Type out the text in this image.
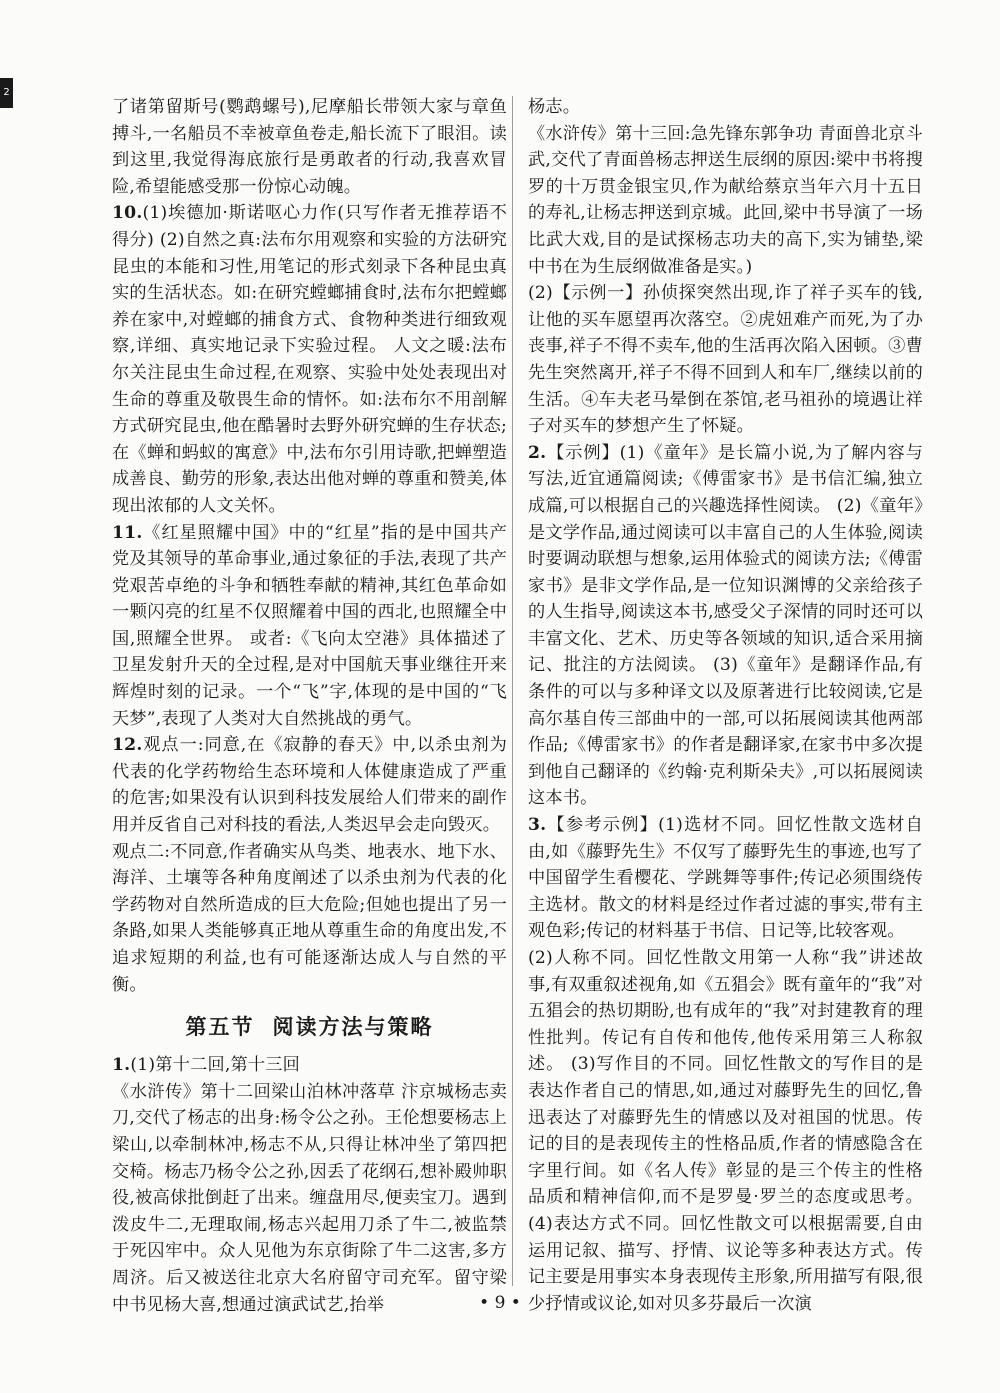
2

了诸第留斯号(鹦鹉螺号),尼摩船长带领大家与章鱼搏斗,一名船员不幸被章鱼卷走,船长流下了眼泪。读到这里,我觉得海底旅行是勇敢者的行动,我喜欢冒险,希望能感受那一份惊心动魄。

10.(1)埃德加·斯诺呕心力作(只写作者无推荐语不得分) (2)自然之真:法布尔用观察和实验的方法研究昆虫的本能和习性,用笔记的形式刻录下各种昆虫真实的生活状态。如:在研究螳螂捕食时,法布尔把螳螂养在家中,对螳螂的捕食方式、食物种类进行细致观察,详细、真实地记录下实验过程。 人文之暖:法布尔关注昆虫生命过程,在观察、实验中处处表现出对生命的尊重及敬畏生命的情怀。如:法布尔不用剖解方式研究昆虫,他在酷暑时去野外研究蝉的生存状态;在《蝉和蚂蚁的寓意》中,法布尔引用诗歌,把蝉塑造成善良、勤劳的形象,表达出他对蝉的尊重和赞美,体现出浓郁的人文关怀。

11.《红星照耀中国》中的“红星”指的是中国共产党及其领导的革命事业,通过象征的手法,表现了共产党艰苦卓绝的斗争和牺牲奉献的精神,其红色革命如一颗闪亮的红星不仅照耀着中国的西北,也照耀全中国,照耀全世界。 或者:《飞向太空港》具体描述了卫星发射升天的全过程,是对中国航天事业继往开来辉煌时刻的记录。一个“飞”字,体现的是中国的“飞天梦”,表现了人类对大自然挑战的勇气。

12.观点一:同意,在《寂静的春天》中,以杀虫剂为代表的化学药物给生态环境和人体健康造成了严重的危害;如果没有认识到科技发展给人们带来的副作用并反省自己对科技的看法,人类迟早会走向毁灭。

观点二:不同意,作者确实从鸟类、地表水、地下水、海洋、土壤等各种角度阐述了以杀虫剂为代表的化学药物对自然所造成的巨大危险;但她也提出了另一条路,如果人类能够真正地从尊重生命的角度出发,不追求短期的利益,也有可能逐渐达成人与自然的平衡。

第五节 阅读方法与策略

1.(1)第十二回,第十三回

《水浒传》第十二回梁山泊林冲落草 汴京城杨志卖刀,交代了杨志的出身:杨令公之孙。王伦想要杨志上梁山,以牵制林冲,杨志不从,只得让林冲坐了第四把交椅。杨志乃杨令公之孙,因丢了花纲石,想补殿帅职役,被高俅批倒赶了出来。缠盘用尽,便卖宝刀。遇到泼皮牛二,无理取闹,杨志兴起用刀杀了牛二,被监禁于死囚牢中。众人见他为东京街除了牛二这害,多方周济。后又被送往北京大名府留守司充军。留守梁中书见杨大喜,想通过演武试艺,抬举

杨志。

《水浒传》第十三回:急先锋东郭争功 青面兽北京斗武,交代了青面兽杨志押送生辰纲的原因:梁中书将搜罗的十万贯金银宝贝,作为献给蔡京当年六月十五日的寿礼,让杨志押送到京城。此回,梁中书导演了一场比武大戏,目的是试探杨志功夫的高下,实为铺垫,梁中书在为生辰纲做准备是实。)

(2)【示例一】孙侦探突然出现,诈了祥子买车的钱,让他的买车愿望再次落空。②虎妞难产而死,为了办丧事,祥子不得不卖车,他的生活再次陷入困顿。③曹先生突然离开,祥子不得不回到人和车厂,继续以前的生活。④车夫老马晕倒在茶馆,老马祖孙的境遇让祥子对买车的梦想产生了怀疑。

2.【示例】(1)《童年》是长篇小说,为了解内容与写法,近宜通篇阅读;《傅雷家书》是书信汇编,独立成篇,可以根据自己的兴趣选择性阅读。 (2)《童年》是文学作品,通过阅读可以丰富自己的人生体验,阅读时要调动联想与想象,运用体验式的阅读方法;《傅雷家书》是非文学作品,是一位知识渊博的父亲给孩子的人生指导,阅读这本书,感受父子深情的同时还可以丰富文化、艺术、历史等各领域的知识,适合采用摘记、批注的方法阅读。 (3)《童年》是翻译作品,有条件的可以与多种译文以及原著进行比较阅读,它是高尔基自传三部曲中的一部,可以拓展阅读其他两部作品;《傅雷家书》的作者是翻译家,在家书中多次提到他自己翻译的《约翰·克利斯朵夫》,可以拓展阅读这本书。

3.【参考示例】(1)选材不同。回忆性散文选材自由,如《藤野先生》不仅写了藤野先生的事迹,也写了中国留学生看樱花、学跳舞等事件;传记必须围绕传主选材。散文的材料是经过作者过滤的事实,带有主观色彩;传记的材料基于书信、日记等,比较客观。

(2)人称不同。回忆性散文用第一人称“我”讲述故事,有双重叙述视角,如《五猖会》既有童年的“我”对五猖会的热切期盼,也有成年的“我”对封建教育的理性批判。传记有自传和他传,他传采用第三人称叙述。 (3)写作目的不同。回忆性散文的写作目的是表达作者自己的情思,如,通过对藤野先生的回忆,鲁迅表达了对藤野先生的情感以及对祖国的忧思。传记的目的是表现传主的性格品质,作者的情感隐含在字里行间。如《名人传》彰显的是三个传主的性格品质和精神信仰,而不是罗曼·罗兰的态度或思考。 (4)表达方式不同。回忆性散文可以根据需要,自由运用记叙、描写、抒情、议论等多种表达方式。传记主要是用事实本身表现传主形象,所用描写有限,很少抒情或议论,如对贝多芬最后一次演

• 9 •
